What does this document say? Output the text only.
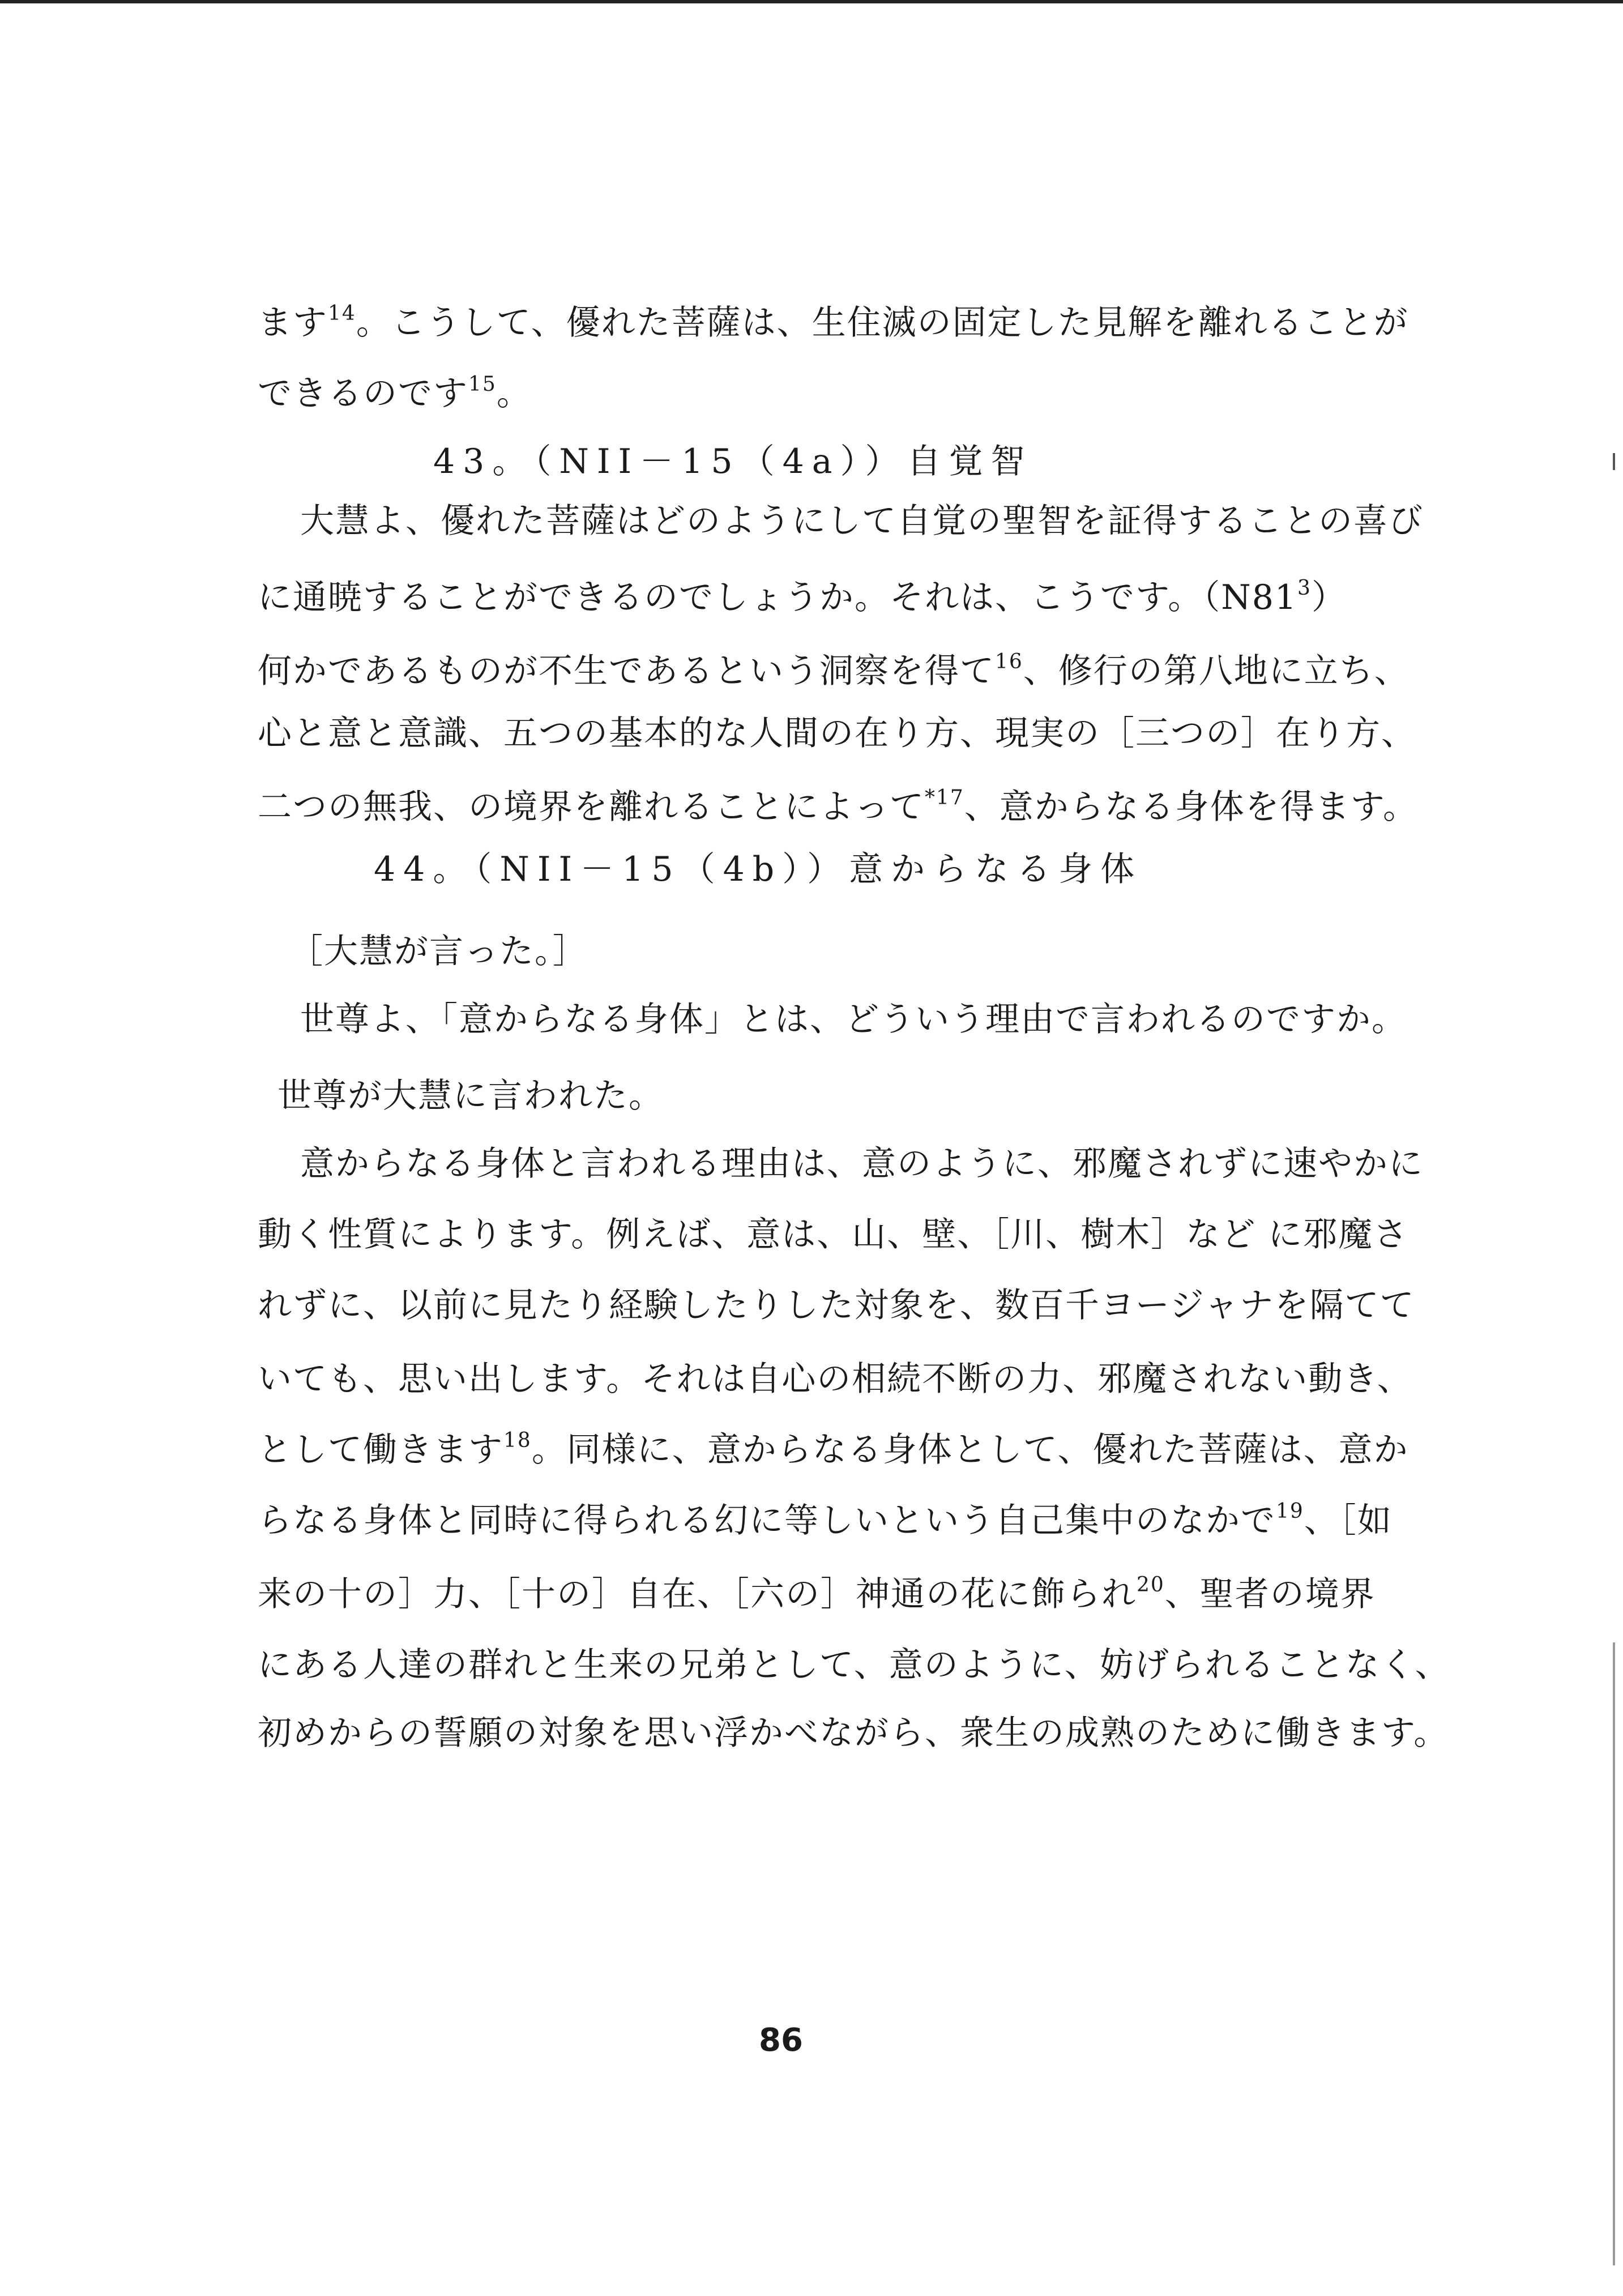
ます$^{14}$。こうして、優れた菩薩は、生住滅の固定した見解を離れることが
できるのです$^{15}$。
43。（NII－15（4a））自覚智
大慧よ、優れた菩薩はどのようにして自覚の聖智を証得することの喜び
に通暁することができるのでしょうか。それは、こうです。$(N81^3)$
何かであるものが不生であるという洞察を得て$^{16}$、修行の第八地に立ち、
心と意と意識、五つの基本的な人間の在り方、現実の［三つの］在り方、
二つの無我、の境界を離れることによって$^{*17}$、意からなる身体を得ます。
44。（NII－15（4b））意からなる身体
［大慧が言った。］
世尊よ、「意からなる身体」とは、どういう理由で言われるのですか。
世尊が大慧に言われた。
意からなる身体と言われる理由は、意のように、邪魔されずに速やかに
動く性質によります。例えば、意は、山、壁、［川、樹木］など に邪魔さ
れずに、以前に見たり経験したりした対象を、数百千ヨージャナを隔てて
いても、思い出します。それは自心の相続不断の力、邪魔されない動き、
として働きます$^{18}$。同様に、意からなる身体として、優れた菩薩は、意か
らなる身体と同時に得られる幻に等しいという自己集中のなかで$^{19}$、［如
来の十の］力、［十の］自在、［六の］神通の花に飾られ$^{20}$、聖者の境界
にある人達の群れと生来の兄弟として、意のように、妨げられることなく、
初めからの誓願の対象を思い浮かべながら、衆生の成熟のために働きます。
86
